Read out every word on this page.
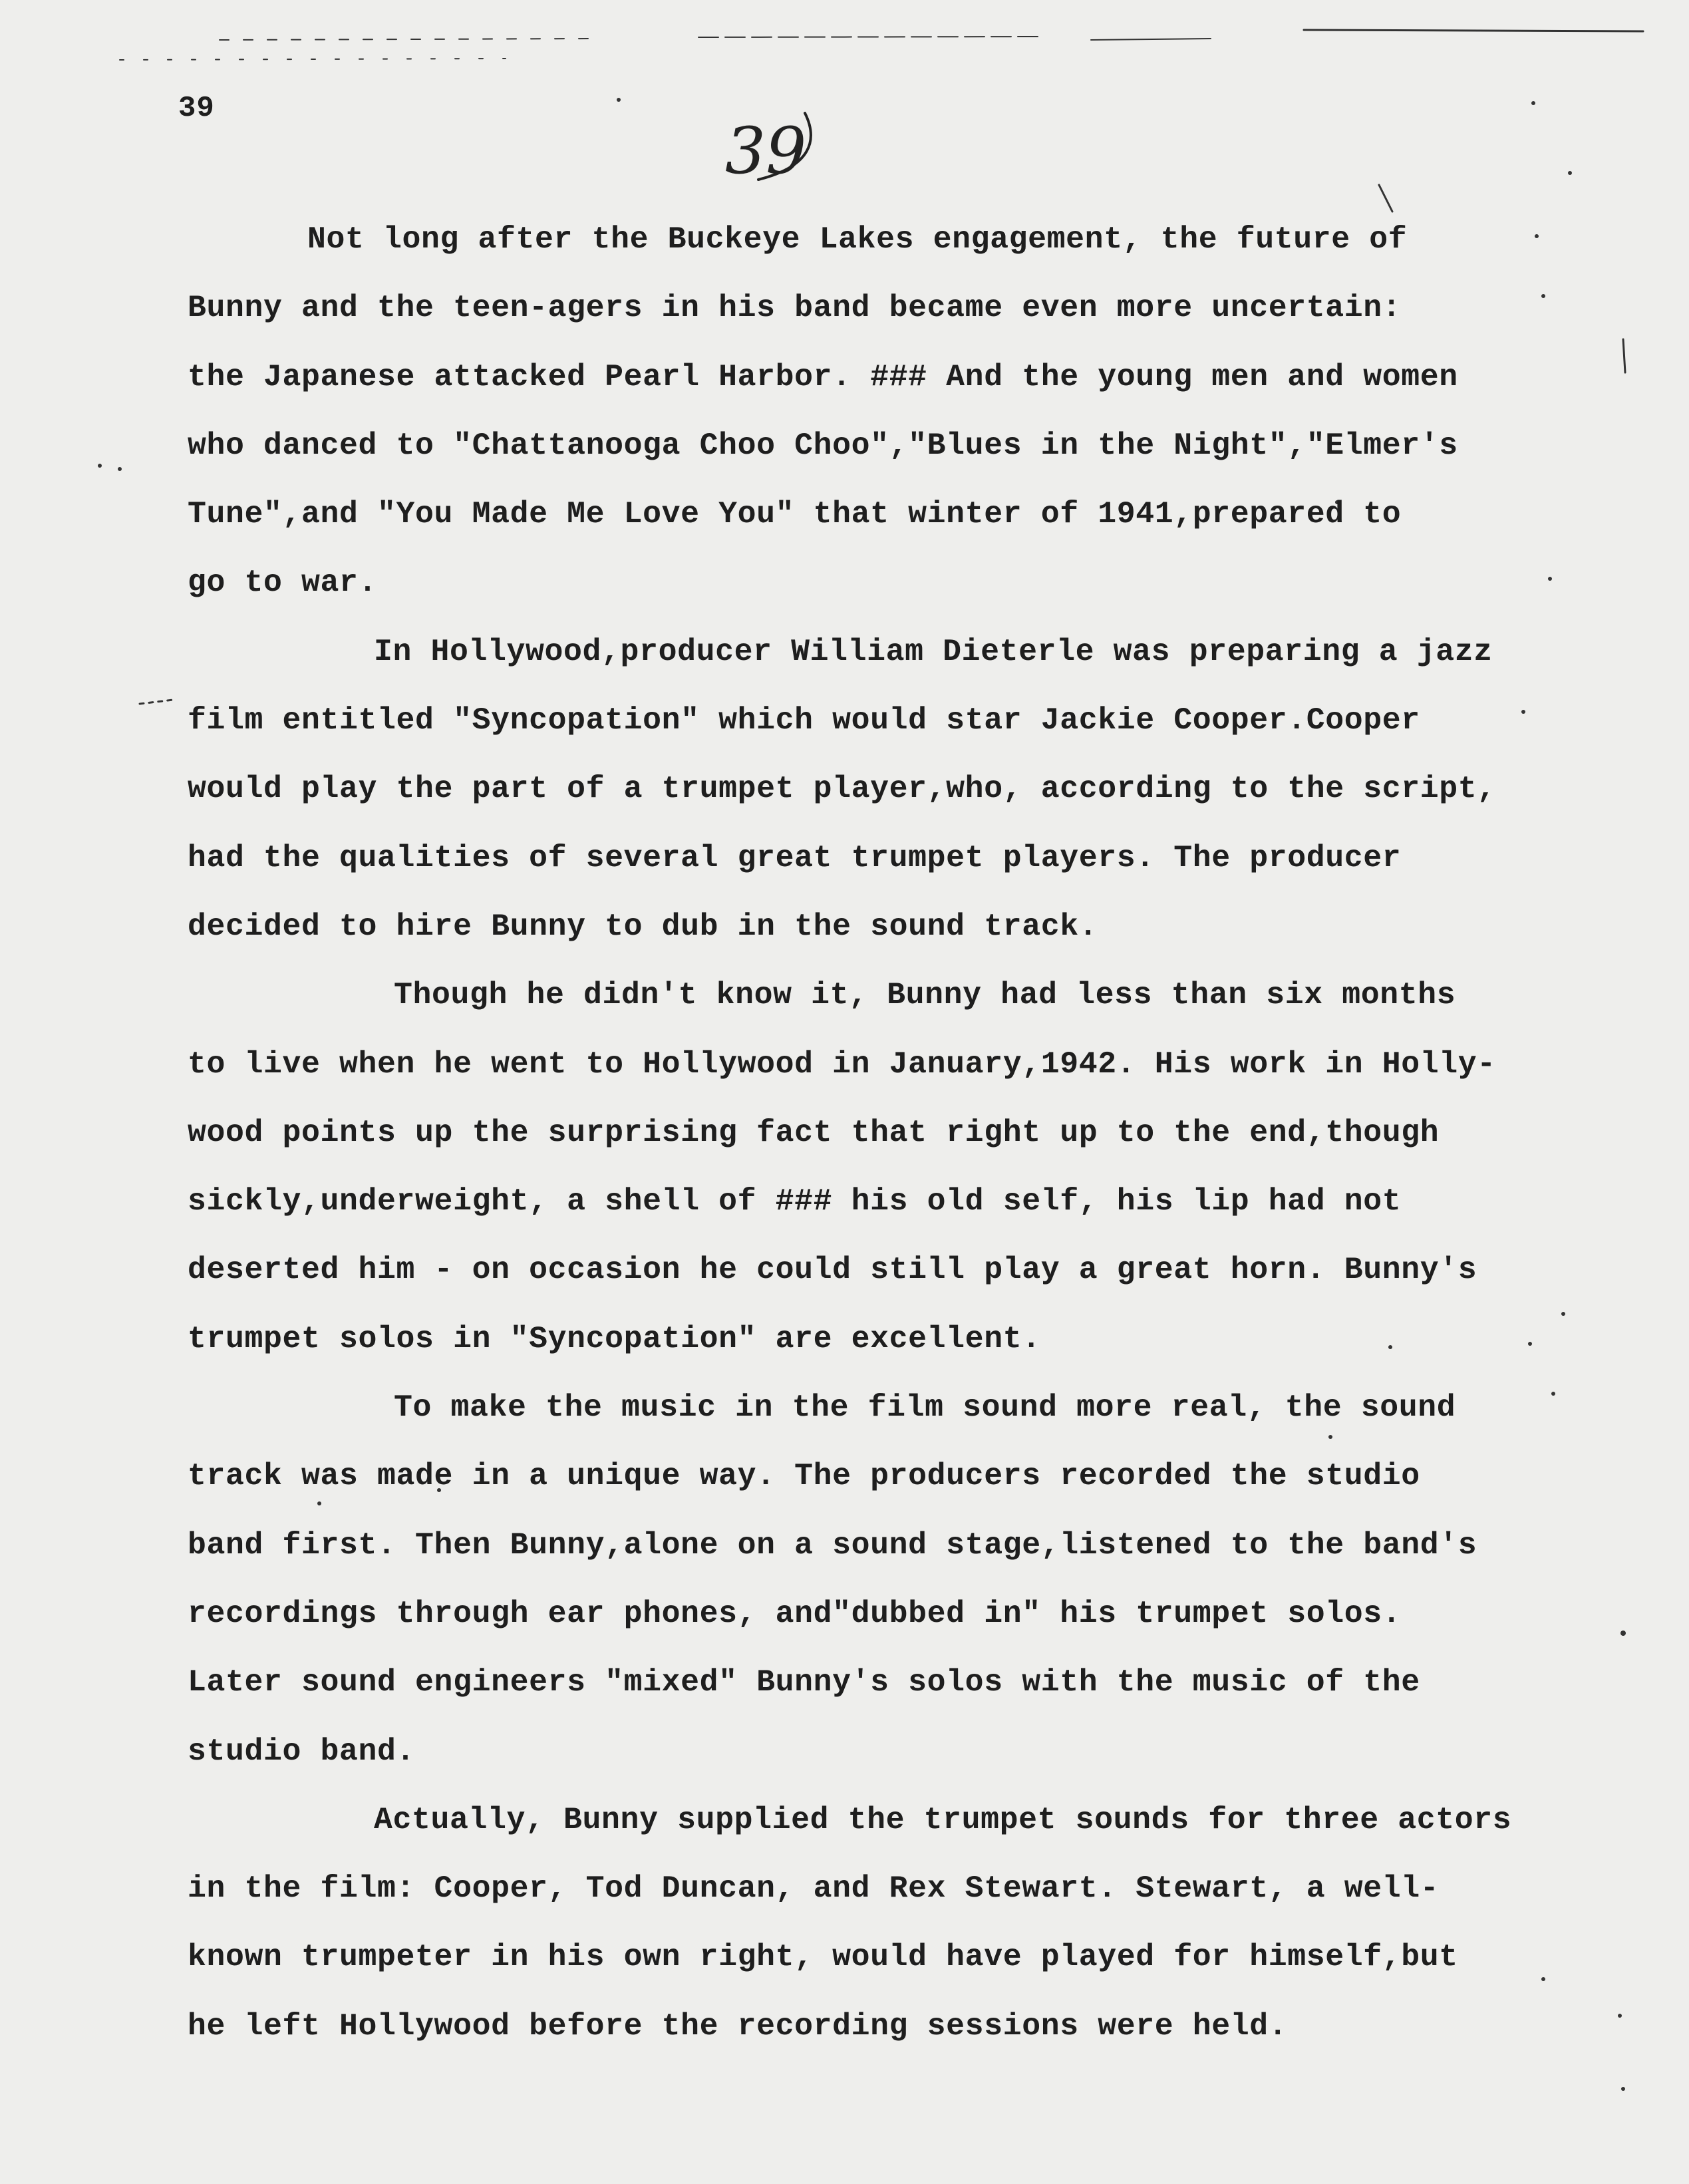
39
39
Not long after the Buckeye Lakes engagement, the future of
Bunny and the teen-agers in his band became even more uncertain:
the Japanese attacked Pearl Harbor. ### And the young men and women
who danced to "Chattanooga Choo Choo","Blues in the Night","Elmer's
Tune",and "You Made Me Love You" that winter of 1941,prepared to
go to war.
In Hollywood,producer William Dieterle was preparing a jazz
film entitled "Syncopation" which would star Jackie Cooper.Cooper
would play the part of a trumpet player,who, according to the script,
had the qualities of several great trumpet players. The producer
decided to hire Bunny to dub in the sound track.
Though he didn't know it, Bunny had less than six months
to live when he went to Hollywood in January,1942. His work in Holly-
wood points up the surprising fact that right up to the end,though
sickly,underweight, a shell of ### his old self, his lip had not
deserted him - on occasion he could still play a great horn. Bunny's
trumpet solos in "Syncopation" are excellent.
To make the music in the film sound more real, the sound
track was made in a unique way. The producers recorded the studio
band first. Then Bunny,alone on a sound stage,listened to the band's
recordings through ear phones, and"dubbed in" his trumpet solos.
Later sound engineers "mixed" Bunny's solos with the music of the
studio band.
Actually, Bunny supplied the trumpet sounds for three actors
in the film: Cooper, Tod Duncan, and Rex Stewart. Stewart, a well-
known trumpeter in his own right, would have played for himself,but
he left Hollywood before the recording sessions were held.
